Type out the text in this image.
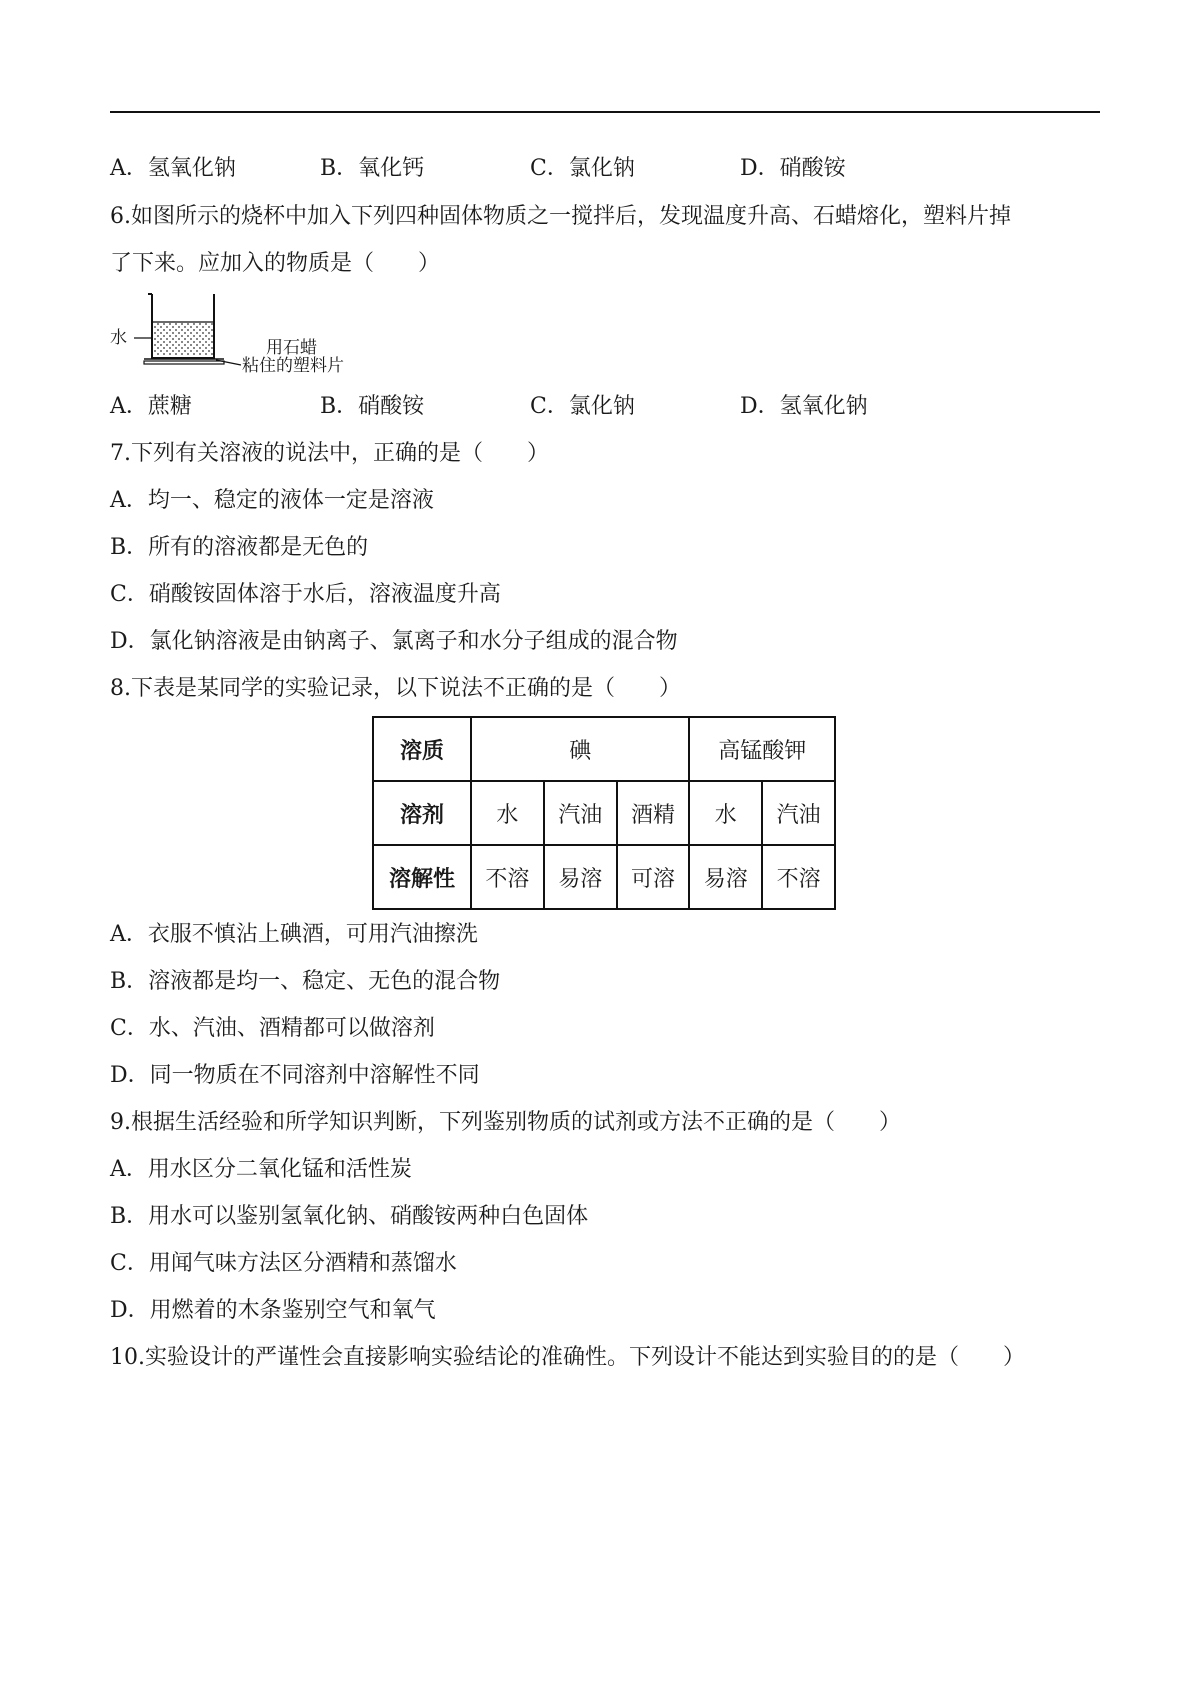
A．氢氧化钠	B．氧化钙	C．氯化钠	D．硝酸铵
6.如图所示的烧杯中加入下列四种固体物质之一搅拌后，发现温度升高、石蜡熔化，塑料片掉
了下来。应加入的物质是（　　）
水	用石蜡
粘住的塑料片
A．蔗糖	B．硝酸铵	C．氯化钠	D．氢氧化钠
7.下列有关溶液的说法中，正确的是（　　）
A．均一、稳定的液体一定是溶液
B．所有的溶液都是无色的
C．硝酸铵固体溶于水后，溶液温度升高
D．氯化钠溶液是由钠离子、氯离子和水分子组成的混合物
8.下表是某同学的实验记录，以下说法不正确的是（　　）
溶质	碘			高锰酸钾	
溶剂	水	汽油	酒精	水	汽油
溶解性	不溶	易溶	可溶	易溶	不溶
A．衣服不慎沾上碘酒，可用汽油擦洗
B．溶液都是均一、稳定、无色的混合物
C．水、汽油、酒精都可以做溶剂
D．同一物质在不同溶剂中溶解性不同
9.根据生活经验和所学知识判断，下列鉴别物质的试剂或方法不正确的是（　　）
A．用水区分二氧化锰和活性炭
B．用水可以鉴别氢氧化钠、硝酸铵两种白色固体
C．用闻气味方法区分酒精和蒸馏水
D．用燃着的木条鉴别空气和氧气
10.实验设计的严谨性会直接影响实验结论的准确性。下列设计不能达到实验目的的是（　　）
